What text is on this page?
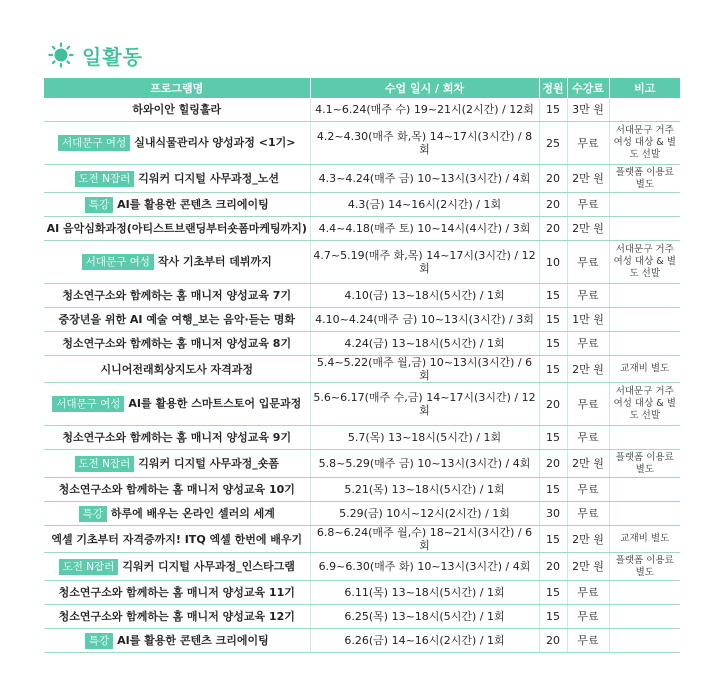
일활동
프로그램명	수업 일시 / 회차	정원	수강료	비고
하와이안 힐링훌라	4.1~6.24(매주 수) 19~21시(2시간) / 12회	15	3만 원	
서대문구 여성 실내식물관리사 양성과정 <1기>	4.2~4.30(매주 화,목) 14~17시(3시간) / 8회	25	무료	서대문구 거주 여성 대상 & 별도 선발
도전 N잡러 긱워커 디지털 사무과정_노션	4.3~4.24(매주 금) 10~13시(3시간) / 4회	20	2만 원	플랫폼 이용료 별도
특강 AI를 활용한 콘텐츠 크리에이팅	4.3(금) 14~16시(2시간) / 1회	20	무료	
AI 음악심화과정(아티스트브랜딩부터숏폼마케팅까지)	4.4~4.18(매주 토) 10~14시(4시간) / 3회	20	2만 원	
서대문구 여성 작사 기초부터 데뷔까지	4.7~5.19(매주 화,목) 14~17시(3시간) / 12회	10	무료	서대문구 거주 여성 대상 & 별도 선발
청소연구소와 함께하는 홈 매니저 양성교육 7기	4.10(금) 13~18시(5시간) / 1회	15	무료	
중장년을 위한 AI 예술 여행_보는 음악·듣는 명화	4.10~4.24(매주 금) 10~13시(3시간) / 3회	15	1만 원	
청소연구소와 함께하는 홈 매니저 양성교육 8기	4.24(금) 13~18시(5시간) / 1회	15	무료	
시니어전래회상지도사 자격과정	5.4~5.22(매주 월,금) 10~13시(3시간) / 6회	15	2만 원	교재비 별도
서대문구 여성 AI를 활용한 스마트스토어 입문과정	5.6~6.17(매주 수,금) 14~17시(3시간) / 12회	20	무료	서대문구 거주 여성 대상 & 별도 선발
청소연구소와 함께하는 홈 매니저 양성교육 9기	5.7(목) 13~18시(5시간) / 1회	15	무료	
도전 N잡러 긱워커 디지털 사무과정_숏폼	5.8~5.29(매주 금) 10~13시(3시간) / 4회	20	2만 원	플랫폼 이용료 별도
청소연구소와 함께하는 홈 매니저 양성교육 10기	5.21(목) 13~18시(5시간) / 1회	15	무료	
특강 하루에 배우는 온라인 셀러의 세계	5.29(금) 10시~12시(2시간) / 1회	30	무료	
엑셀 기초부터 자격증까지! ITQ 엑셀 한번에 배우기	6.8~6.24(매주 월,수) 18~21시(3시간) / 6회	15	2만 원	교재비 별도
도전 N잡러 긱워커 디지털 사무과정_인스타그램	6.9~6.30(매주 화) 10~13시(3시간) / 4회	20	2만 원	플랫폼 이용료 별도
청소연구소와 함께하는 홈 매니저 양성교육 11기	6.11(목) 13~18시(5시간) / 1회	15	무료	
청소연구소와 함께하는 홈 매니저 양성교육 12기	6.25(목) 13~18시(5시간) / 1회	15	무료	
특강 AI를 활용한 콘텐츠 크리에이팅	6.26(금) 14~16시(2시간) / 1회	20	무료	
